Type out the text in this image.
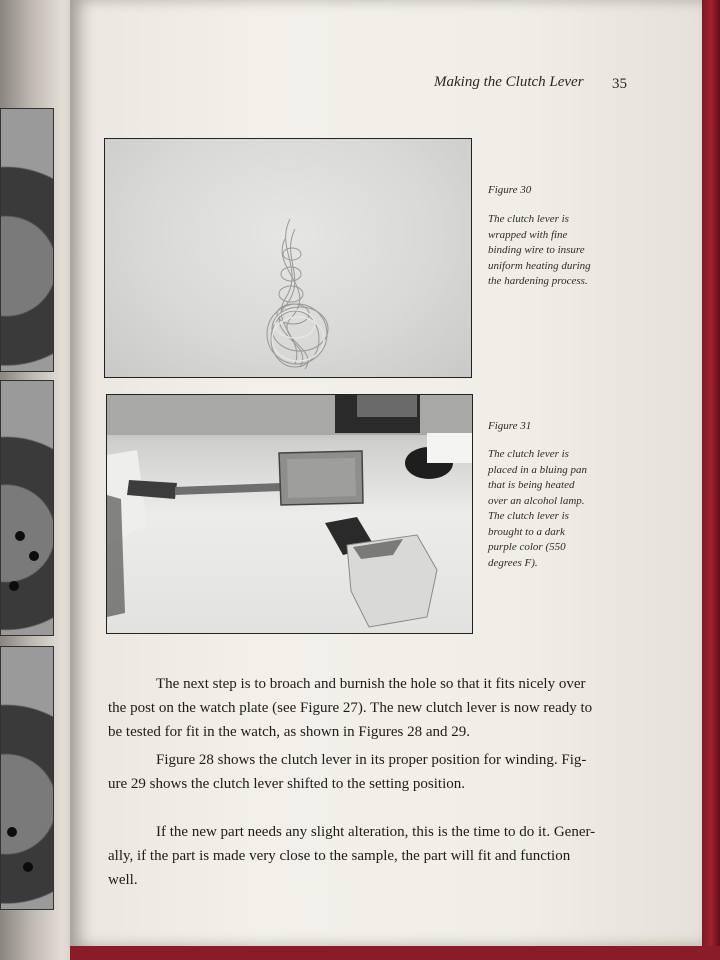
Making the Clutch Lever 35
Figure 30
The clutch lever is
wrapped with fine
binding wire to insure
uniform heating during
the hardening process.
Figure 31
The clutch lever is
placed in a bluing pan
that is being heated
over an alcohol lamp.
The clutch lever is
brought to a dark
purple color (550
degrees F).
The next step is to broach and burnish the hole so that it fits nicely over
the post on the watch plate (see Figure 27). The new clutch lever is now ready to
be tested for fit in the watch, as shown in Figures 28 and 29.
Figure 28 shows the clutch lever in its proper position for winding. Fig-
ure 29 shows the clutch lever shifted to the setting position.
If the new part needs any slight alteration, this is the time to do it. Gener-
ally, if the part is made very close to the sample, the part will fit and function
well.
